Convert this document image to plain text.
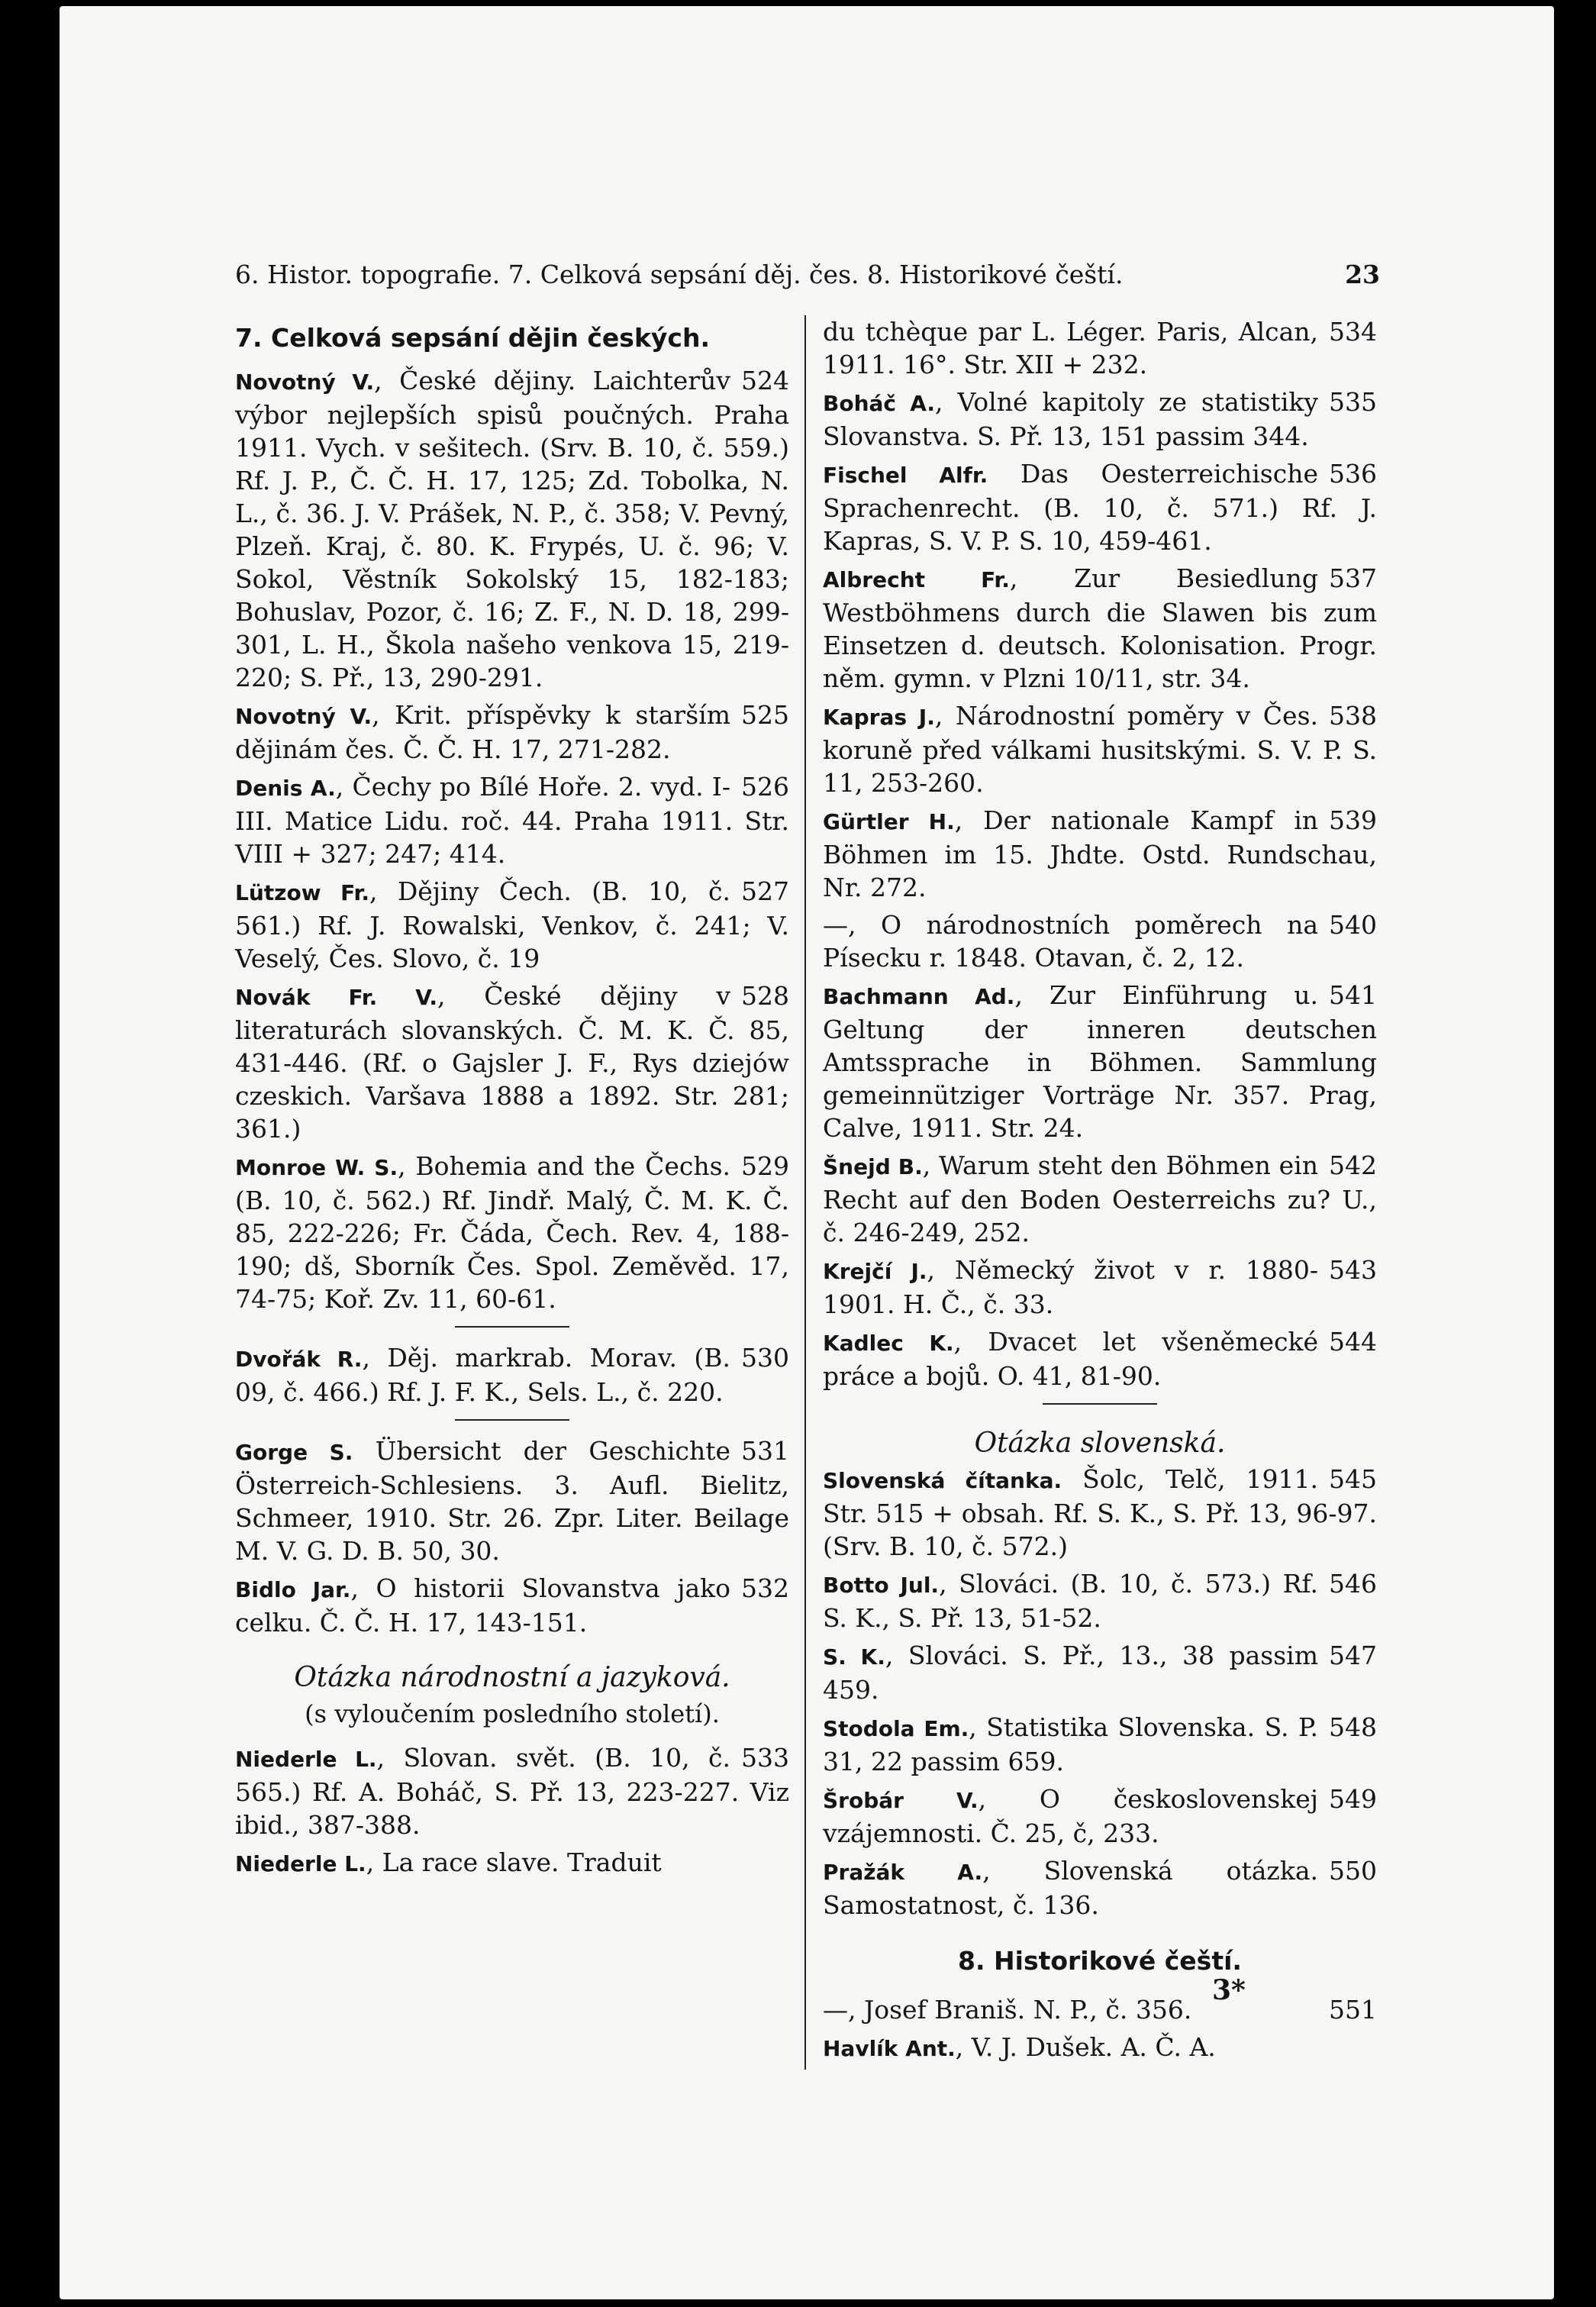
6. Histor. topografie. 7. Celková sepsání děj. čes. 8. Historikové čeští.	23
7. Celková sepsání dějin českých.
524
Novotný V., České dějiny. Laichterův výbor nejlepších spisů poučných. Praha 1911. Vych. v sešitech. (Srv. B. 10, č. 559.) Rf. J. P., Č. Č. H. 17, 125; Zd. Tobolka, N. L., č. 36. J. V. Prášek, N. P., č. 358; V. Pevný, Plzeň. Kraj, č. 80. K. Frypés, U. č. 96; V. Sokol, Věstník Sokolský 15, 182-183; Bohuslav, Pozor, č. 16; Z. F., N. D. 18, 299-301, L. H., Škola našeho venkova 15, 219-220; S. Př., 13, 290-291.
525
Novotný V., Krit. příspěvky k starším dějinám čes. Č. Č. H. 17, 271-282.
526
Denis A., Čechy po Bílé Hoře. 2. vyd. I-III. Matice Lidu. roč. 44. Praha 1911. Str. VIII + 327; 247; 414.
527
Lützow Fr., Dějiny Čech. (B. 10, č. 561.) Rf. J. Rowalski, Venkov, č. 241; V. Veselý, Čes. Slovo, č. 19
528
Novák Fr. V., České dějiny v literaturách slovanských. Č. M. K. Č. 85, 431-446. (Rf. o Gajsler J. F., Rys dziejów czeskich. Varšava 1888 a 1892. Str. 281; 361.)
529
Monroe W. S., Bohemia and the Čechs. (B. 10, č. 562.) Rf. Jindř. Malý, Č. M. K. Č. 85, 222-226; Fr. Čáda, Čech. Rev. 4, 188-190; dš, Sborník Čes. Spol. Zeměvěd. 17, 74-75; Koř. Zv. 11, 60-61.
530
Dvořák R., Děj. markrab. Morav. (B. 09, č. 466.) Rf. J. F. K., Sels. L., č. 220.
531
Gorge S. Übersicht der Geschichte Österreich-Schlesiens. 3. Aufl. Bielitz, Schmeer, 1910. Str. 26. Zpr. Liter. Beilage M. V. G. D. B. 50, 30.
532
Bidlo Jar., O historii Slovanstva jako celku. Č. Č. H. 17, 143-151.
Otázka národnostní a jazyková.
(s vyloučením posledního století).
533
Niederle L., Slovan. svět. (B. 10, č. 565.) Rf. A. Boháč, S. Př. 13, 223-227. Viz ibid., 387-388.
Niederle L., La race slave. Traduit
534
du tchèque par L. Léger. Paris, Alcan, 1911. 16°. Str. XII + 232.
535
Boháč A., Volné kapitoly ze statistiky Slovanstva. S. Př. 13, 151 passim 344.
536
Fischel Alfr. Das Oesterreichische Sprachenrecht. (B. 10, č. 571.) Rf. J. Kapras, S. V. P. S. 10, 459-461.
537
Albrecht Fr., Zur Besiedlung Westböhmens durch die Slawen bis zum Einsetzen d. deutsch. Kolonisation. Progr. něm. gymn. v Plzni 10/11, str. 34.
538
Kapras J., Národnostní poměry v Čes. koruně před válkami husitskými. S. V. P. S. 11, 253-260.
539
Gürtler H., Der nationale Kampf in Böhmen im 15. Jhdte. Ostd. Rundschau, Nr. 272.
540
—, O národnostních poměrech na Písecku r. 1848. Otavan, č. 2, 12.
541
Bachmann Ad., Zur Einführung u. Geltung der inneren deutschen Amtssprache in Böhmen. Sammlung gemeinnütziger Vorträge Nr. 357. Prag, Calve, 1911. Str. 24.
542
Šnejd B., Warum steht den Böhmen ein Recht auf den Boden Oesterreichs zu? U., č. 246-249, 252.
543
Krejčí J., Německý život v r. 1880-1901. H. Č., č. 33.
544
Kadlec K., Dvacet let všeněmecké práce a bojů. O. 41, 81-90.
Otázka slovenská.
545
Slovenská čítanka. Šolc, Telč, 1911. Str. 515 + obsah. Rf. S. K., S. Př. 13, 96-97. (Srv. B. 10, č. 572.)
546
Botto Jul., Slováci. (B. 10, č. 573.) Rf. S. K., S. Př. 13, 51-52.
547
S. K., Slováci. S. Př., 13., 38 passim 459.
548
Stodola Em., Statistika Slovenska. S. P. 31, 22 passim 659.
549
Šrobár V., O československej vzájemnosti. Č. 25, č, 233.
550
Pražák A., Slovenská otázka. Samostatnost, č. 136.
8. Historikové čeští.
551
—, Josef Braniš. N. P., č. 356.
Havlík Ant., V. J. Dušek. A. Č. A.
3*
